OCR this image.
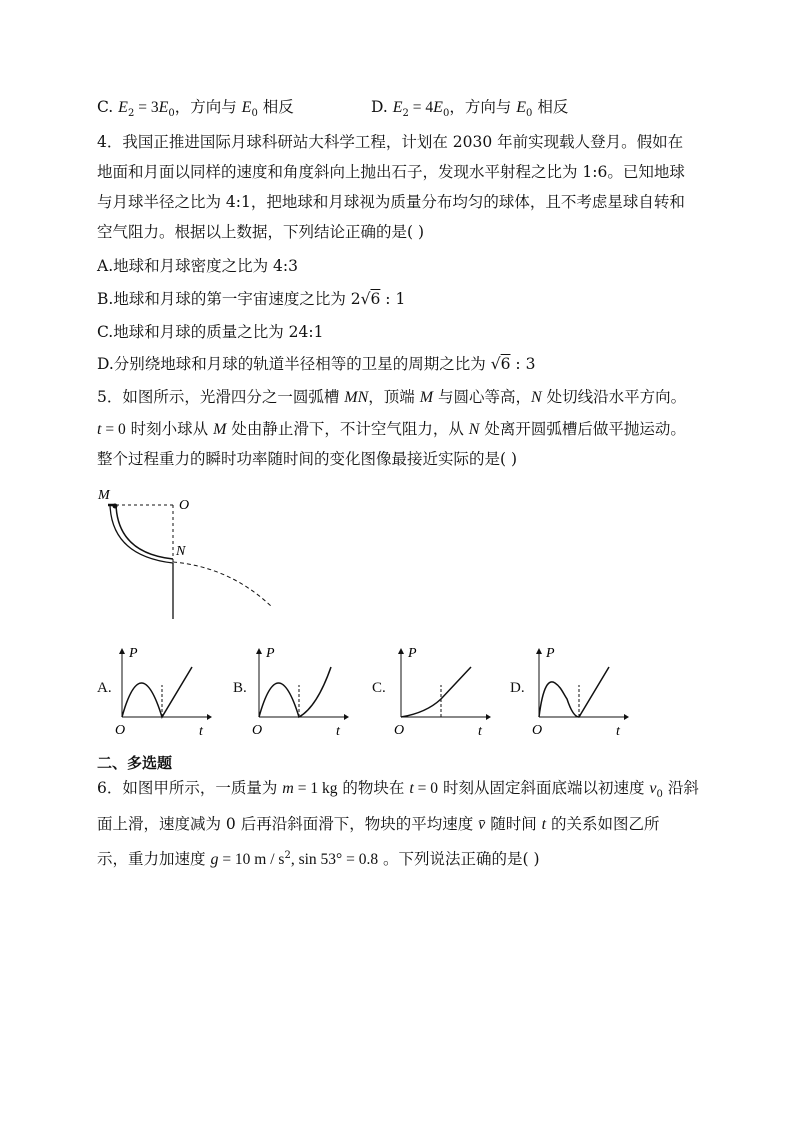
C. $E_2 = 3E_0$，方向与 $E_0$ 相反	D. $E_2 = 4E_0$，方向与 $E_0$ 相反
4．我国正推进国际月球科研站大科学工程，计划在 2030 年前实现载人登月。假如在
地面和月面以同样的速度和角度斜向上抛出石子，发现水平射程之比为 1:6。已知地球
与月球半径之比为 4:1，把地球和月球视为质量分布均匀的球体，且不考虑星球自转和
空气阻力。根据以上数据，下列结论正确的是( )
A.地球和月球密度之比为 4:3
B.地球和月球的第一宇宙速度之比为 2√6 : 1
C.地球和月球的质量之比为 24:1
D.分别绕地球和月球的轨道半径相等的卫星的周期之比为 √6 : 3
5．如图所示，光滑四分之一圆弧槽 MN，顶端 M 与圆心等高，N 处切线沿水平方向。
t = 0 时刻小球从 M 处由静止滑下，不计空气阻力，从 N 处离开圆弧槽后做平抛运动。
整个过程重力的瞬时功率随时间的变化图像最接近实际的是( )
M
O
N
A.
P
t
O
B.
P
t
O
C.
P
t
O
D.
P
t
O
二、多选题
6．如图甲所示，一质量为 m = 1 kg 的物块在 t = 0 时刻从固定斜面底端以初速度 $v_0$ 沿斜
面上滑，速度减为 0 后再沿斜面滑下，物块的平均速度 v̄ 随时间 t 的关系如图乙所
示，重力加速度 g = 10 m / $s^2$, sin 53° = 0.8 。下列说法正确的是( )
